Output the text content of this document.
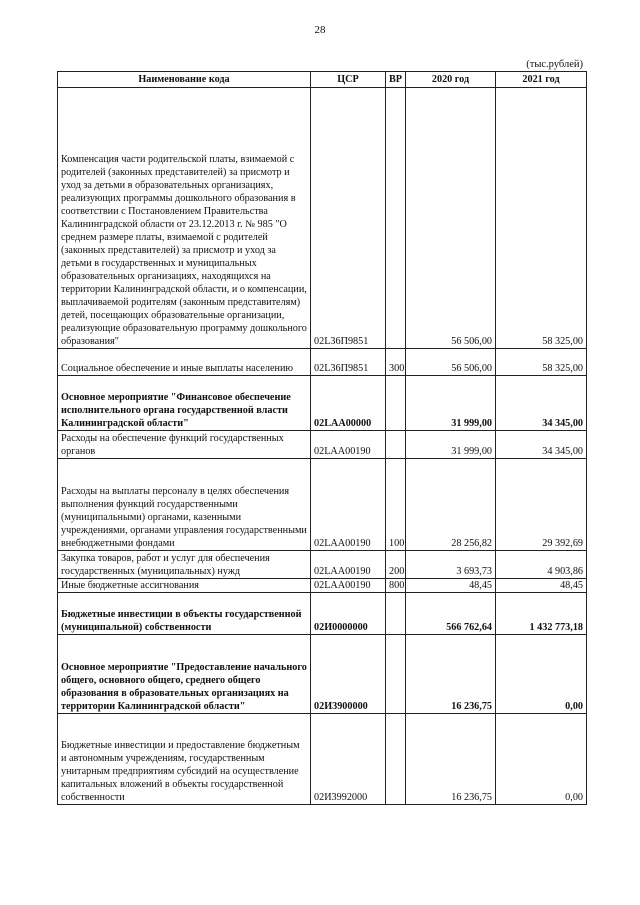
28
(тыс.рублей)
Наименование кода	ЦСР	ВР	2020 год	2021 год
Компенсация части родительской платы, взимаемой с родителей (законных представителей) за присмотр и уход за детьми в образовательных организациях, реализующих программы дошкольного образования в соответствии с Постановлением Правительства Калининградской области от 23.12.2013 г. № 985 "О среднем размере платы, взимаемой с родителей (законных представителей) за присмотр и уход за детьми в государственных и муниципальных образовательных организациях, находящихся на территории Калининградской области, и о компенсации, выплачиваемой родителям (законным представителям) детей, посещающих образовательные организации, реализующие образовательную программу дошкольного образования"	02L36П9851		56 506,00	58 325,00
Социальное обеспечение и иные выплаты населению	02L36П9851	300	56 506,00	58 325,00
Основное мероприятие "Финансовое обеспечение исполнительного органа государственной власти Калининградской области"	02LAA00000		31 999,00	34 345,00
Расходы на обеспечение функций государственных органов	02LAA00190		31 999,00	34 345,00
Расходы на выплаты персоналу в целях обеспечения выполнения функций государственными (муниципальными) органами, казенными учреждениями, органами управления государственными внебюджетными фондами	02LAA00190	100	28 256,82	29 392,69
Закупка товаров, работ и услуг для обеспечения государственных (муниципальных) нужд	02LAA00190	200	3 693,73	4 903,86
Иные бюджетные ассигнования	02LAA00190	800	48,45	48,45
Бюджетные инвестиции в объекты государственной (муниципальной) собственности	02И0000000		566 762,64	1 432 773,18
Основное мероприятие "Предоставление начального общего, основного общего, среднего общего образования в образовательных организациях на территории Калининградской области"	02И3900000		16 236,75	0,00
Бюджетные инвестиции и предоставление бюджетным и автономным учреждениям, государственным унитарным предприятиям субсидий на осуществление капитальных вложений в объекты государственной собственности	02И3992000		16 236,75	0,00
